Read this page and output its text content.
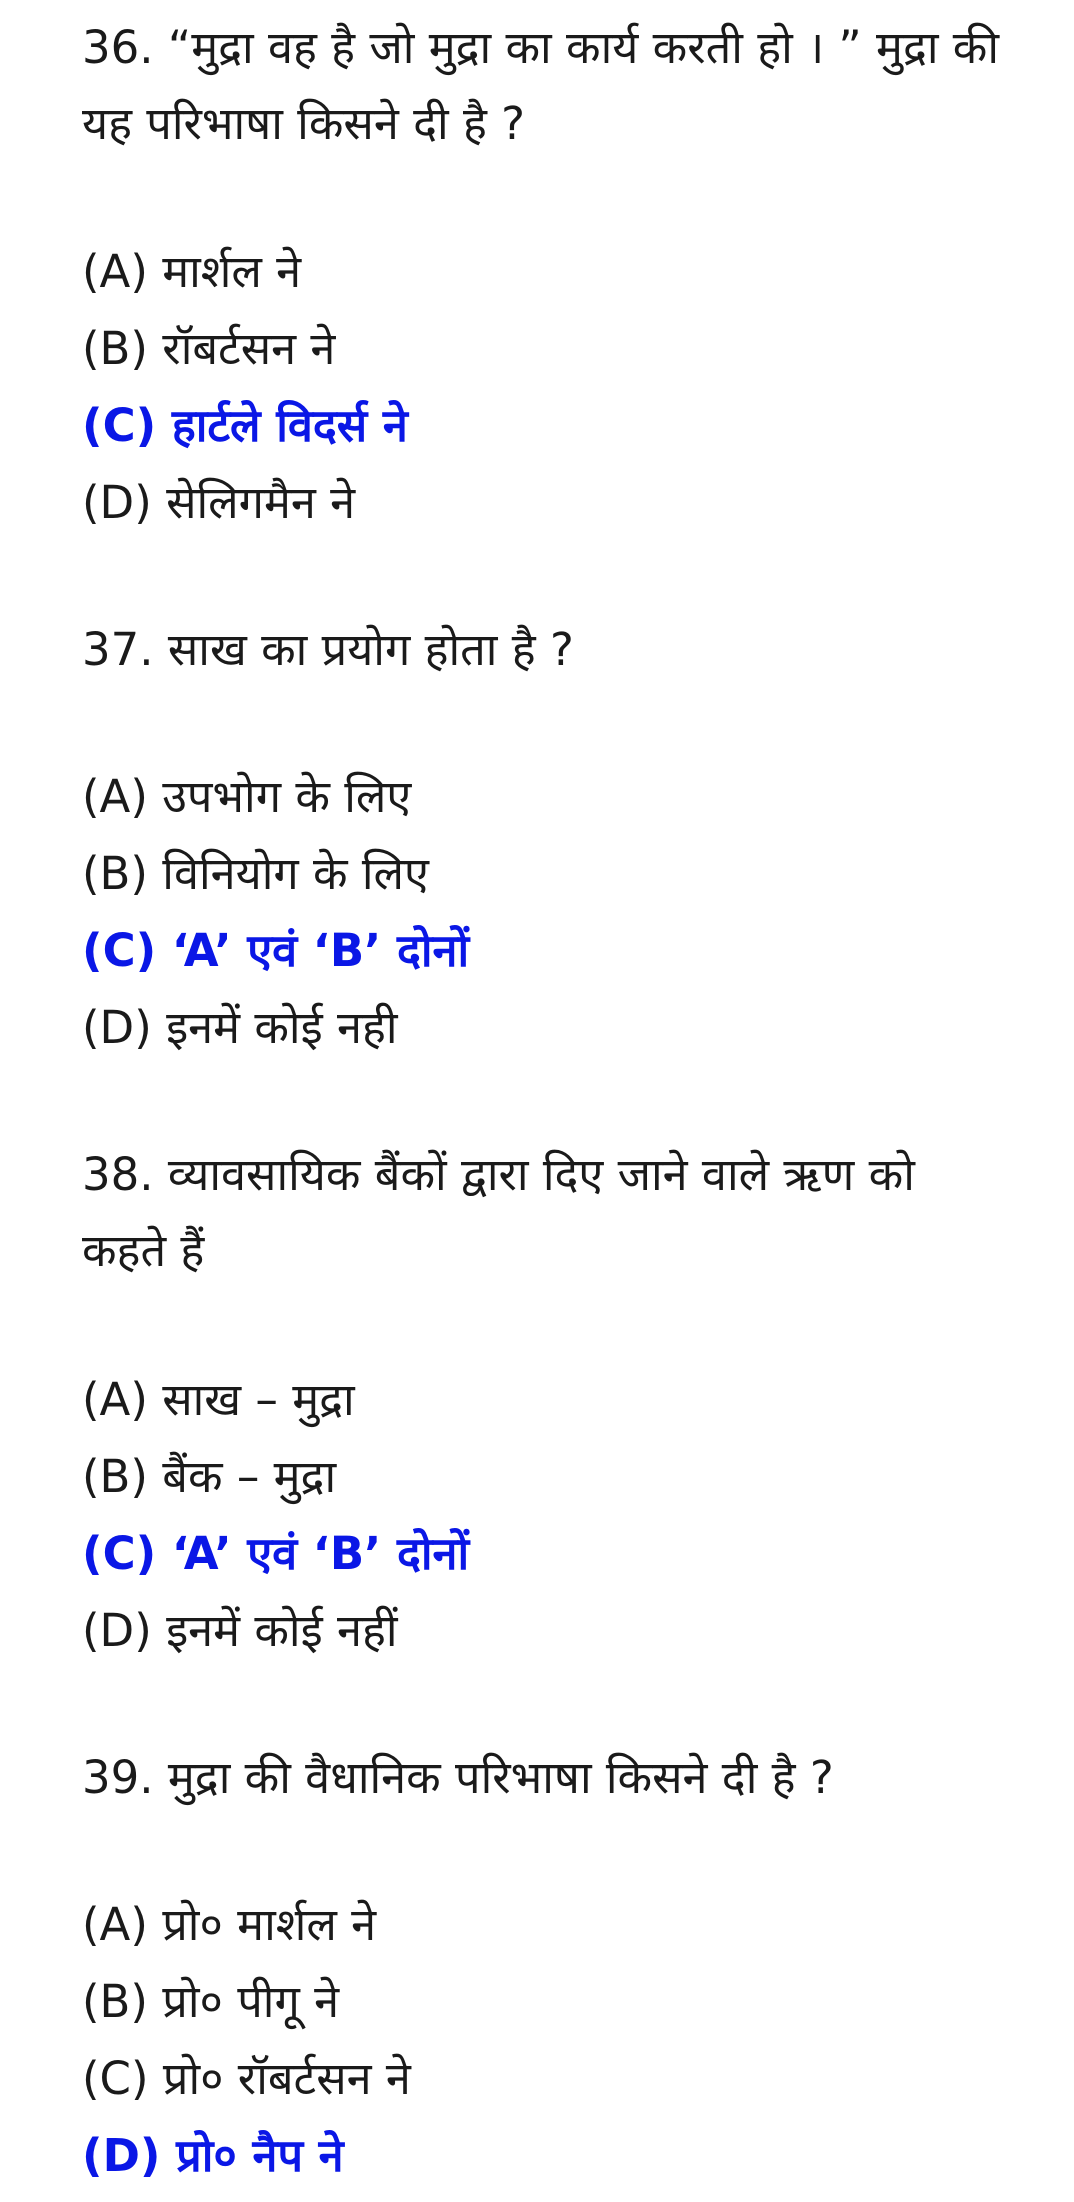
36. “मुद्रा वह है जो मुद्रा का कार्य करती हो । ” मुद्रा की यह परिभाषा किसने दी है ?

(A) मार्शल ने
(B) रॉबर्टसन ने
(C) हार्टले विदर्स ने
(D) सेलिगमैन ने

37. साख का प्रयोग होता है ?

(A) उपभोग के लिए
(B) विनियोग के लिए
(C) ‘A’ एवं ‘B’ दोनों
(D) इनमें कोई नही

38. व्यावसायिक बैंकों द्वारा दिए जाने वाले ऋण को कहते हैं

(A) साख – मुद्रा
(B) बैंक – मुद्रा
(C) ‘A’ एवं ‘B’ दोनों
(D) इनमें कोई नहीं

39. मुद्रा की वैधानिक परिभाषा किसने दी है ?

(A) प्रो० मार्शल ने
(B) प्रो० पीगू ने
(C) प्रो० रॉबर्टसन ने
(D) प्रो० नैप ने
